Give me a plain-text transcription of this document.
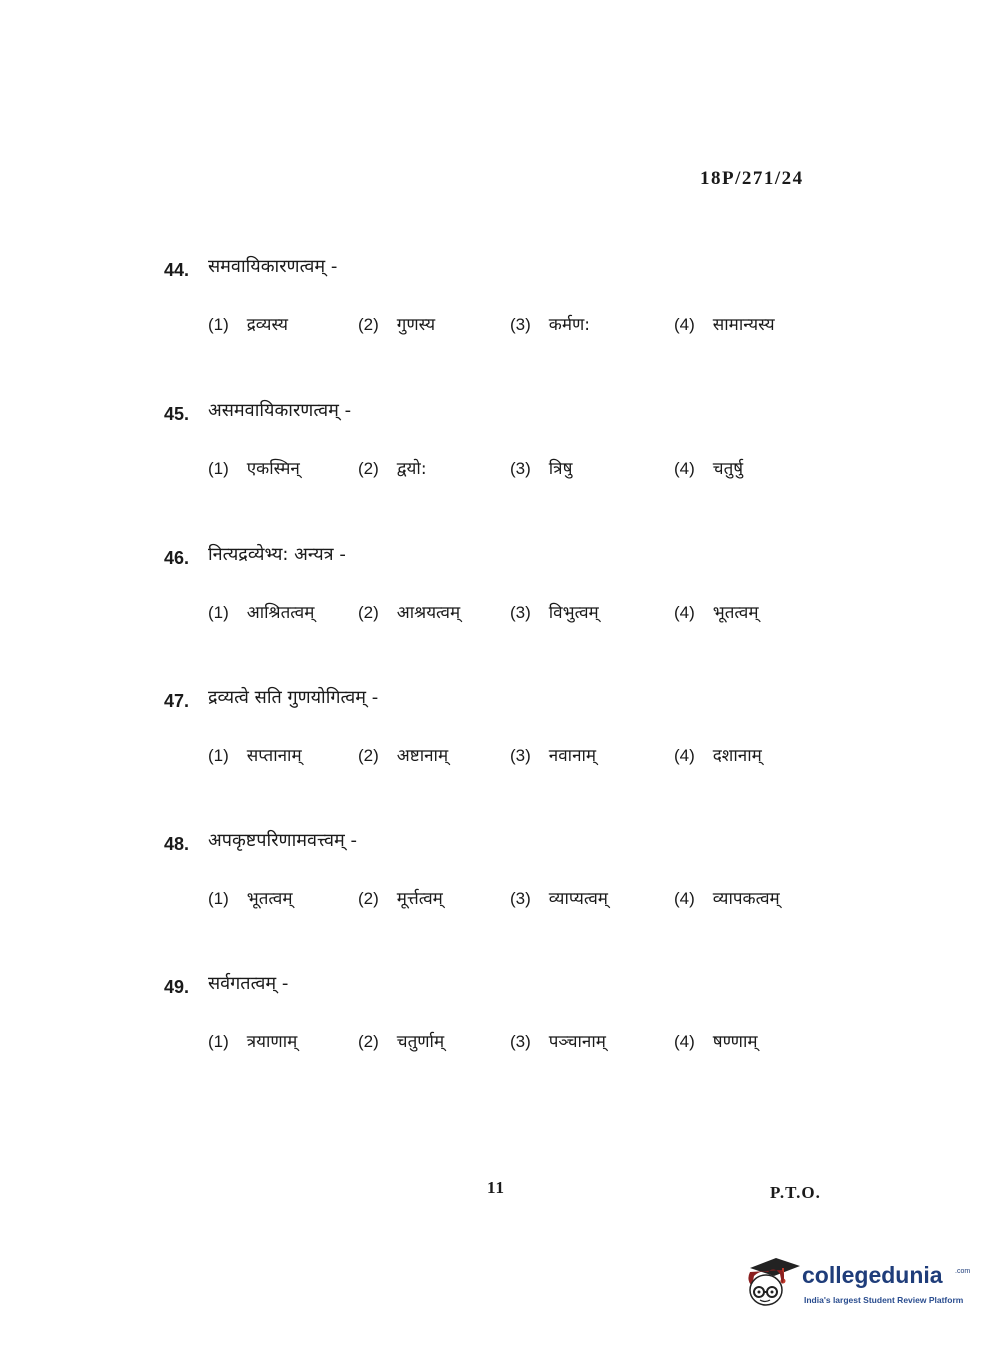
18P/271/24
44. समवायिकारणत्वम् -
(1) द्रव्यस्य	(2) गुणस्य	(3) कर्मण:	(4) सामान्यस्य
45. असमवायिकारणत्वम् -
(1) एकस्मिन्	(2) द्वयो:	(3) त्रिषु	(4) चतुर्षु
46. नित्यद्रव्येभ्य: अन्यत्र -
(1) आश्रितत्वम्	(2) आश्रयत्वम्	(3) विभुत्वम्	(4) भूतत्वम्
47. द्रव्यत्वे सति गुणयोगित्वम् -
(1) सप्तानाम्	(2) अष्टानाम्	(3) नवानाम्	(4) दशानाम्
48. अपकृष्टपरिणामवत्त्वम् -
(1) भूतत्वम्	(2) मूर्त्तत्वम्	(3) व्याप्यत्वम्	(4) व्यापकत्वम्
49. सर्वगतत्वम् -
(1) त्रयाणाम्	(2) चतुर्णाम्	(3) पञ्चानाम्	(4) षण्णाम्
11	P.T.O.
collegedunia .com
India's largest Student Review Platform
